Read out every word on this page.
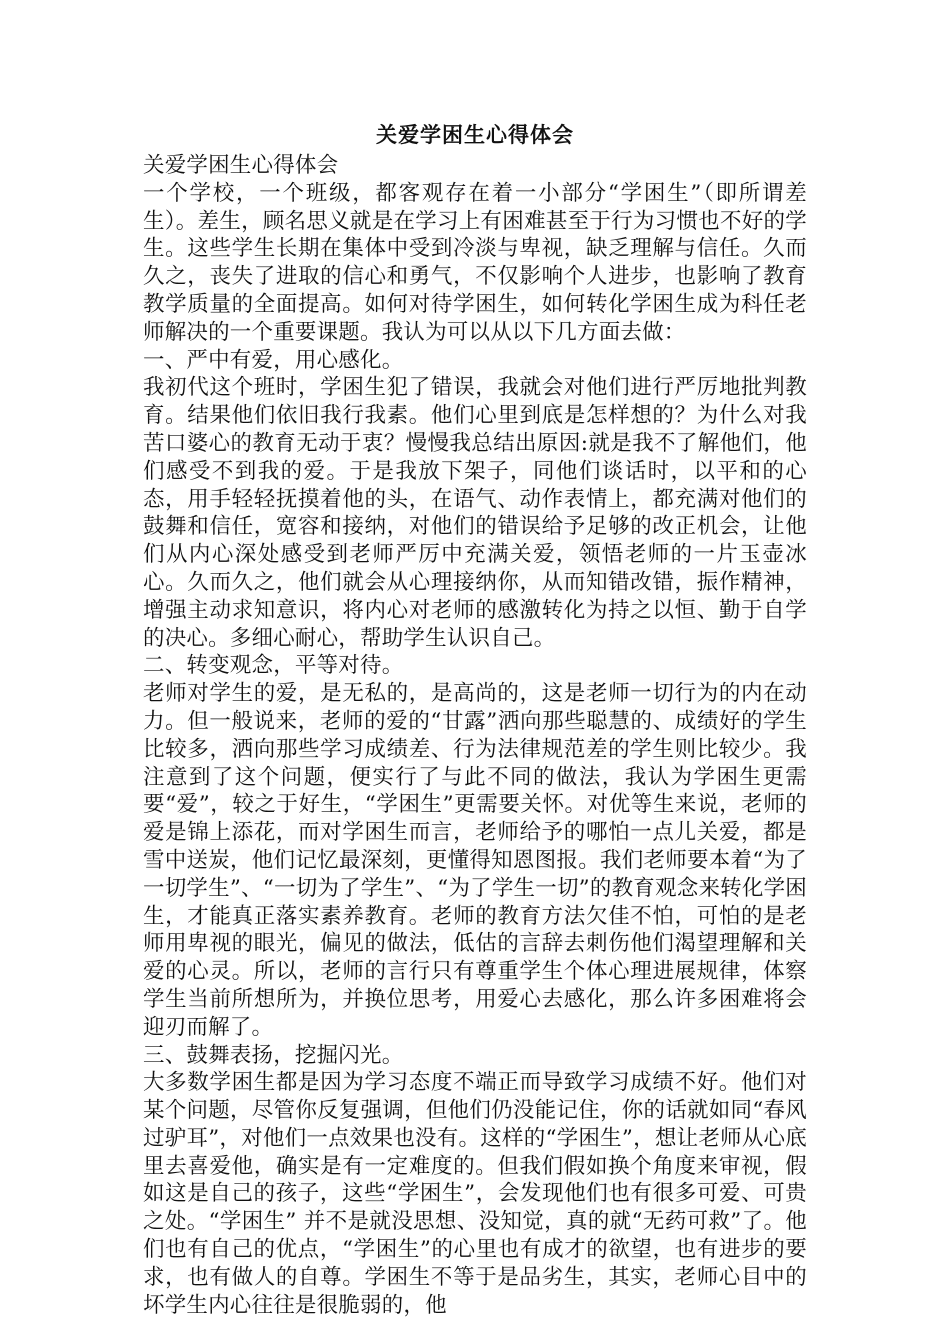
关爱学困生心得体会

关爱学困生心得体会

一个学校，一个班级，都客观存在着一小部分“学困生”（即所谓差生）。差生，顾名思义就是在学习上有困难甚至于行为习惯也不好的学生。这些学生长期在集体中受到冷淡与卑视，缺乏理解与信任。久而久之，丧失了进取的信心和勇气，不仅影响个人进步，也影响了教育教学质量的全面提高。如何对待学困生，如何转化学困生成为科任老师解决的一个重要课题。我认为可以从以下几方面去做：

一、严中有爱，用心感化。

我初代这个班时，学困生犯了错误，我就会对他们进行严厉地批判教育。结果他们依旧我行我素。他们心里到底是怎样想的？为什么对我苦口婆心的教育无动于衷？慢慢我总结出原因:就是我不了解他们，他们感受不到我的爱。于是我放下架子，同他们谈话时，以平和的心态，用手轻轻抚摸着他的头，在语气、动作表情上，都充满对他们的鼓舞和信任，宽容和接纳，对他们的错误给予足够的改正机会，让他们从内心深处感受到老师严厉中充满关爱，领悟老师的一片玉壶冰心。久而久之，他们就会从心理接纳你，从而知错改错，振作精神，增强主动求知意识，将内心对老师的感激转化为持之以恒、勤于自学的决心。多细心耐心，帮助学生认识自己。

二、转变观念，平等对待。

老师对学生的爱，是无私的，是高尚的，这是老师一切行为的内在动力。但一般说来，老师的爱的“甘露”洒向那些聪慧的、成绩好的学生比较多，洒向那些学习成绩差、行为法律规范差的学生则比较少。我注意到了这个问题，便实行了与此不同的做法，我认为学困生更需要“爱”，较之于好生，“学困生”更需要关怀。对优等生来说，老师的爱是锦上添花，而对学困生而言，老师给予的哪怕一点儿关爱，都是雪中送炭，他们记忆最深刻，更懂得知恩图报。我们老师要本着“为了一切学生”、“一切为了学生”、“为了学生一切”的教育观念来转化学困生，才能真正落实素养教育。老师的教育方法欠佳不怕，可怕的是老师用卑视的眼光，偏见的做法，低估的言辞去刺伤他们渴望理解和关爱的心灵。所以，老师的言行只有尊重学生个体心理进展规律，体察学生当前所想所为，并换位思考，用爱心去感化，那么许多困难将会迎刃而解了。

三、鼓舞表扬，挖掘闪光。

大多数学困生都是因为学习态度不端正而导致学习成绩不好。他们对某个问题，尽管你反复强调，但他们仍没能记住，你的话就如同“春风过驴耳”，对他们一点效果也没有。这样的“学困生”，想让老师从心底里去喜爱他，确实是有一定难度的。但我们假如换个角度来审视，假如这是自己的孩子，这些“学困生”，会发现他们也有很多可爱、可贵之处。“学困生” 并不是就没思想、没知觉，真的就“无药可救”了。他们也有自己的优点，“学困生”的心里也有成才的欲望，也有进步的要求，也有做人的自尊。学困生不等于是品劣生，其实，老师心目中的坏学生内心往往是很脆弱的，他
